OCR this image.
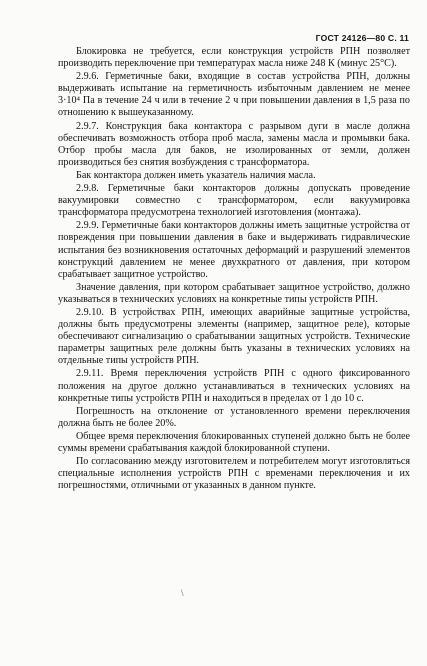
ГОСТ 24126—80 С. 11

Блокировка не требуется, если конструкция устройств РПН позволяет производить переключение при температурах масла ниже 248 К (минус 25°С).

2.9.6. Герметичные баки, входящие в состав устройства РПН, должны выдерживать испытание на герметичность избыточным давлением не менее 3·10⁴ Па в течение 24 ч или в течение 2 ч при повышении давления в 1,5 раза по отношению к вышеуказанному.

2.9.7. Конструкция бака контактора с разрывом дуги в масле должна обеспечивать возможность отбора проб масла, замены масла и промывки бака. Отбор пробы масла для баков, не изолированных от земли, должен производиться без снятия возбуждения с трансформатора.

Бак контактора должен иметь указатель наличия масла.

2.9.8. Герметичные баки контакторов должны допускать проведение вакуумировки совместно с трансформатором, если вакуумировка трансформатора предусмотрена технологией изготовления (монтажа).

2.9.9. Герметичные баки контакторов должны иметь защитные устройства от повреждения при повышении давления в баке и выдерживать гидравлические испытания без возникновения остаточных деформаций и разрушений элементов конструкций давлением не менее двухкратного от давления, при котором срабатывает защитное устройство.

Значение давления, при котором срабатывает защитное устройство, должно указываться в технических условиях на конкретные типы устройств РПН.

2.9.10. В устройствах РПН, имеющих аварийные защитные устройства, должны быть предусмотрены элементы (например, защитное реле), которые обеспечивают сигнализацию о срабатывании защитных устройств. Технические параметры защитных реле должны быть указаны в технических условиях на отдельные типы устройств РПН.

2.9.11. Время переключения устройств РПН с одного фиксированного положения на другое должно устанавливаться в технических условиях на конкретные типы устройств РПН и находиться в пределах от 1 до 10 с.

Погрешность на отклонение от установленного времени переключения должна быть не более 20%.

Общее время переключения блокированных ступеней должно быть не более суммы времени срабатывания каждой блокированной ступени.

По согласованию между изготовителем и потребителем могут изготовляться специальные исполнения устройств РПН с временами переключения и их погрешностями, отличными от указанных в данном пункте.

\
